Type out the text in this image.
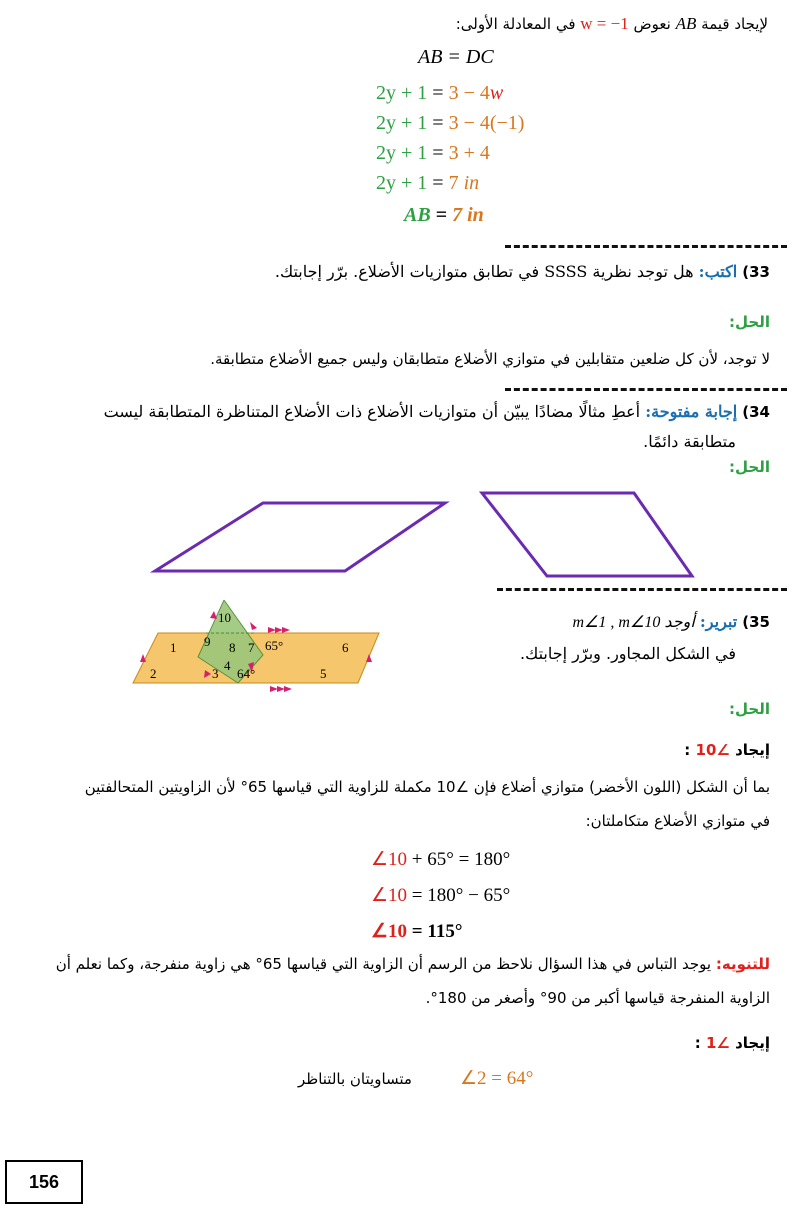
لإيجاد قيمة AB نعوض w = −1 في المعادلة الأولى:
AB = DC
2y + 1 = 3 − 4w
2y + 1 = 3 − 4(−1)
2y + 1 = 3 + 4
2y + 1 = 7 in
AB = 7 in
33) اكتب: هل توجد نظرية SSSS في تطابق متوازيات الأضلاع. برّر إجابتك.
الحل:
لا توجد، لأن كل ضلعين متقابلين في متوازي الأضلاع متطابقان وليس جميع الأضلاع متطابقة.
34) إجابة مفتوحة: أعطِ مثالًا مضادًا يبيّن أن متوازيات الأضلاع ذات الأضلاع المتناظرة المتطابقة ليست
متطابقة دائمًا.
الحل:
35) تبرير: أوجد m∠1 , m∠10
في الشكل المجاور. وبرّر إجابتك.
الحل:
10
9	65°
1	8 7	6
2	3
4
64°	5
إيجاد ∠10 :
بما أن الشكل (اللون الأخضر) متوازي أضلاع فإن ∠10 مكملة للزاوية التي قياسها 65° لأن الزاويتين المتحالفتين
في متوازي الأضلاع متكاملتان:
∠10 + 65° = 180°
∠10 = 180° − 65°
∠10 = 115°
للتنويه: يوجد التباس في هذا السؤال نلاحظ من الرسم أن الزاوية التي قياسها 65° هي زاوية منفرجة، وكما نعلم أن
الزاوية المنفرجة قياسها أكبر من 90° وأصغر من 180°.
إيجاد ∠1 :
متساويتان بالتناظر	∠2 = 64°
156
